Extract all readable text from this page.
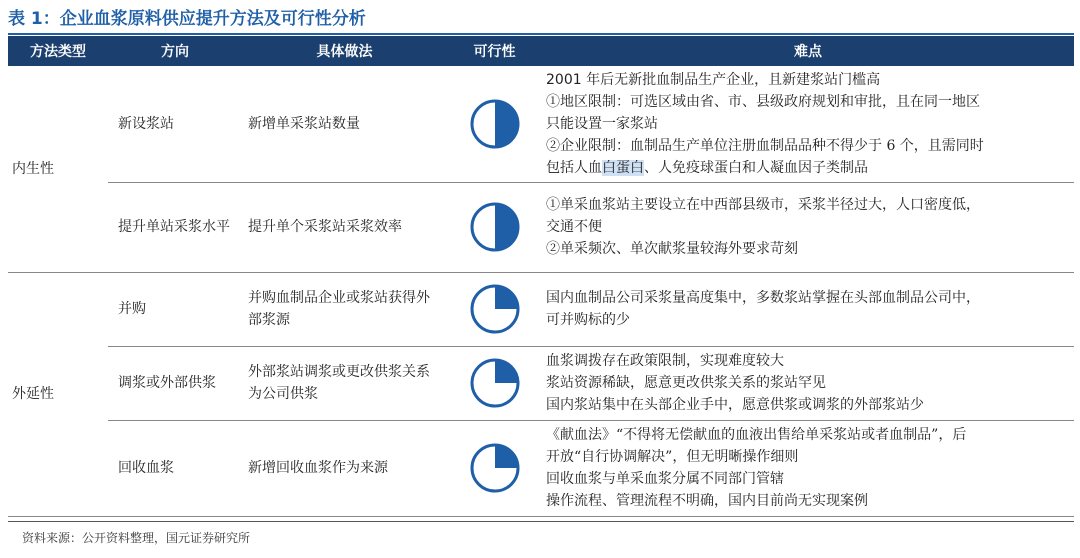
表 1：企业血浆原料供应提升方法及可行性分析
方法类型	方向	具体做法	可行性	难点
内生性	新设浆站	新增单采浆站数量		2001 年后无新批血制品生产企业，且新建浆站门槛高
①地区限制：可选区域由省、市、县级政府规划和审批，且在同一地区
只能设置一家浆站
②企业限制：血制品生产单位注册血制品品种不得少于 6 个，且需同时
包括人血白蛋白、人免疫球蛋白和人凝血因子类制品

	提升单站采浆水平	提升单个采浆站采浆效率		①单采血浆站主要设立在中西部县级市，采浆半径过大，人口密度低，
交通不便
②单采频次、单次献浆量较海外要求苛刻

外延性	并购	并购血制品企业或浆站获得外部浆源		国内血制品公司采浆量高度集中，多数浆站掌握在头部血制品公司中，
可并购标的少

	调浆或外部供浆	外部浆站调浆或更改供浆关系为公司供浆		血浆调拨存在政策限制，实现难度较大
浆站资源稀缺，愿意更改供浆关系的浆站罕见
国内浆站集中在头部企业手中，愿意供浆或调浆的外部浆站少

	回收血浆	新增回收血浆作为来源		《献血法》“不得将无偿献血的血液出售给单采浆站或者血制品”，后
开放“自行协调解决”，但无明晰操作细则
回收血浆与单采血浆分属不同部门管辖
操作流程、管理流程不明确，国内目前尚无实现案例
资料来源：公开资料整理，国元证券研究所
